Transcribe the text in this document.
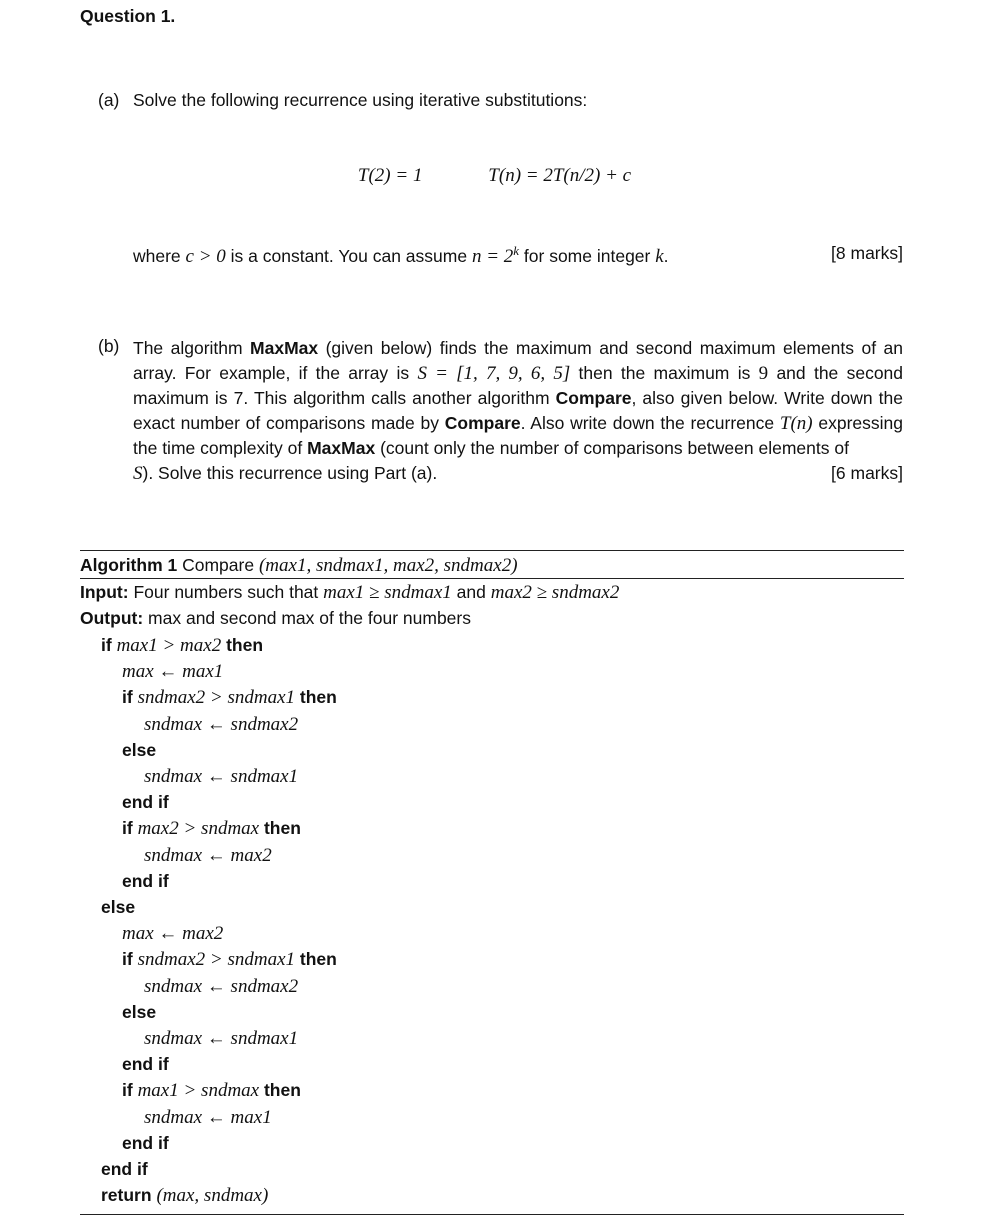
Question 1.
(a) Solve the following recurrence using iterative substitutions:
T(2) = 1	T(n) = 2T(n/2) + c
where c > 0 is a constant. You can assume $n = 2^k$ for some integer k.	[8 marks]
(b) The algorithm MaxMax (given below) finds the maximum and second maximum elements of an array. For example, if the array is S = [1, 7, 9, 6, 5] then the maximum is 9 and the second maximum is 7. This algorithm calls another algorithm Compare, also given below. Write down the exact number of comparisons made by Compare. Also write down the recurrence T(n) expressing the time complexity of MaxMax (count only the number of comparisons between elements of
S). Solve this recurrence using Part (a).	[6 marks]
Algorithm 1 Compare (max1, sndmax1, max2, sndmax2)
Input: Four numbers such that max1 ≥ sndmax1 and max2 ≥ sndmax2
Output: max and second max of the four numbers
if max1 > max2 then
max ← max1
if sndmax2 > sndmax1 then
sndmax ← sndmax2
else
sndmax ← sndmax1
end if
if max2 > sndmax then
sndmax ← max2
end if
else
max ← max2
if sndmax2 > sndmax1 then
sndmax ← sndmax2
else
sndmax ← sndmax1
end if
if max1 > sndmax then
sndmax ← max1
end if
end if
return (max, sndmax)
